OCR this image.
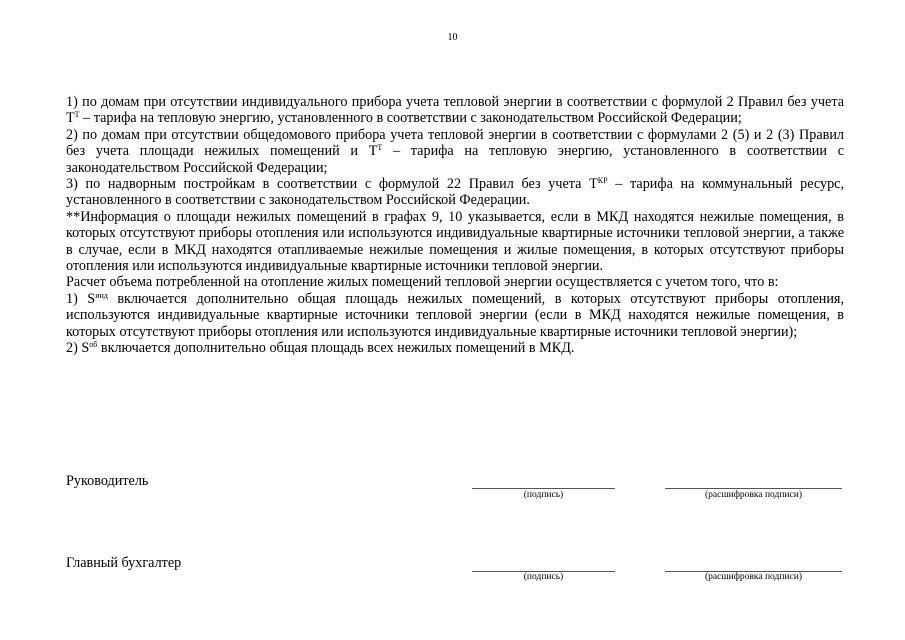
10

1) по домам при отсутствии индивидуального прибора учета тепловой энергии в соответствии с формулой 2 Правил без учета $Т^Т$ – тарифа на тепловую энергию, установленного в соответствии с законодательством Российской Федерации;

2) по домам при отсутствии общедомового прибора учета тепловой энергии в соответствии с формулами 2 (5) и 2 (3) Правил без учета площади нежилых помещений и $Т^Т$ – тарифа на тепловую энергию, установленного в соответствии с законодательством Российской Федерации;

3) по надворным постройкам в соответствии с формулой 22 Правил без учета $Т^{КР}$ – тарифа на коммунальный ресурс, установленного в соответствии с законодательством Российской Федерации.

**Информация о площади нежилых помещений в графах 9, 10 указывается, если в МКД находятся нежилые помещения, в которых отсутствуют приборы отопления или используются индивидуальные квартирные источники тепловой энергии, а также в случае, если в МКД находятся отапливаемые нежилые помещения и жилые помещения, в которых отсутствуют приборы отопления или используются индивидуальные квартирные источники тепловой энергии.

Расчет объема потребленной на отопление жилых помещений тепловой энергии осуществляется с учетом того, что в:

1) $S^{инд}$ включается дополнительно общая площадь нежилых помещений, в которых отсутствуют приборы отопления, используются индивидуальные квартирные источники тепловой энергии (если в МКД находятся нежилые помещения, в которых отсутствуют приборы отопления или используются индивидуальные квартирные источники тепловой энергии);

2) $S^{об}$ включается дополнительно общая площадь всех нежилых помещений в МКД.

Руководитель
(подпись)	(расшифровка подписи)
Главный бухгалтер
(подпись)	(расшифровка подписи)
